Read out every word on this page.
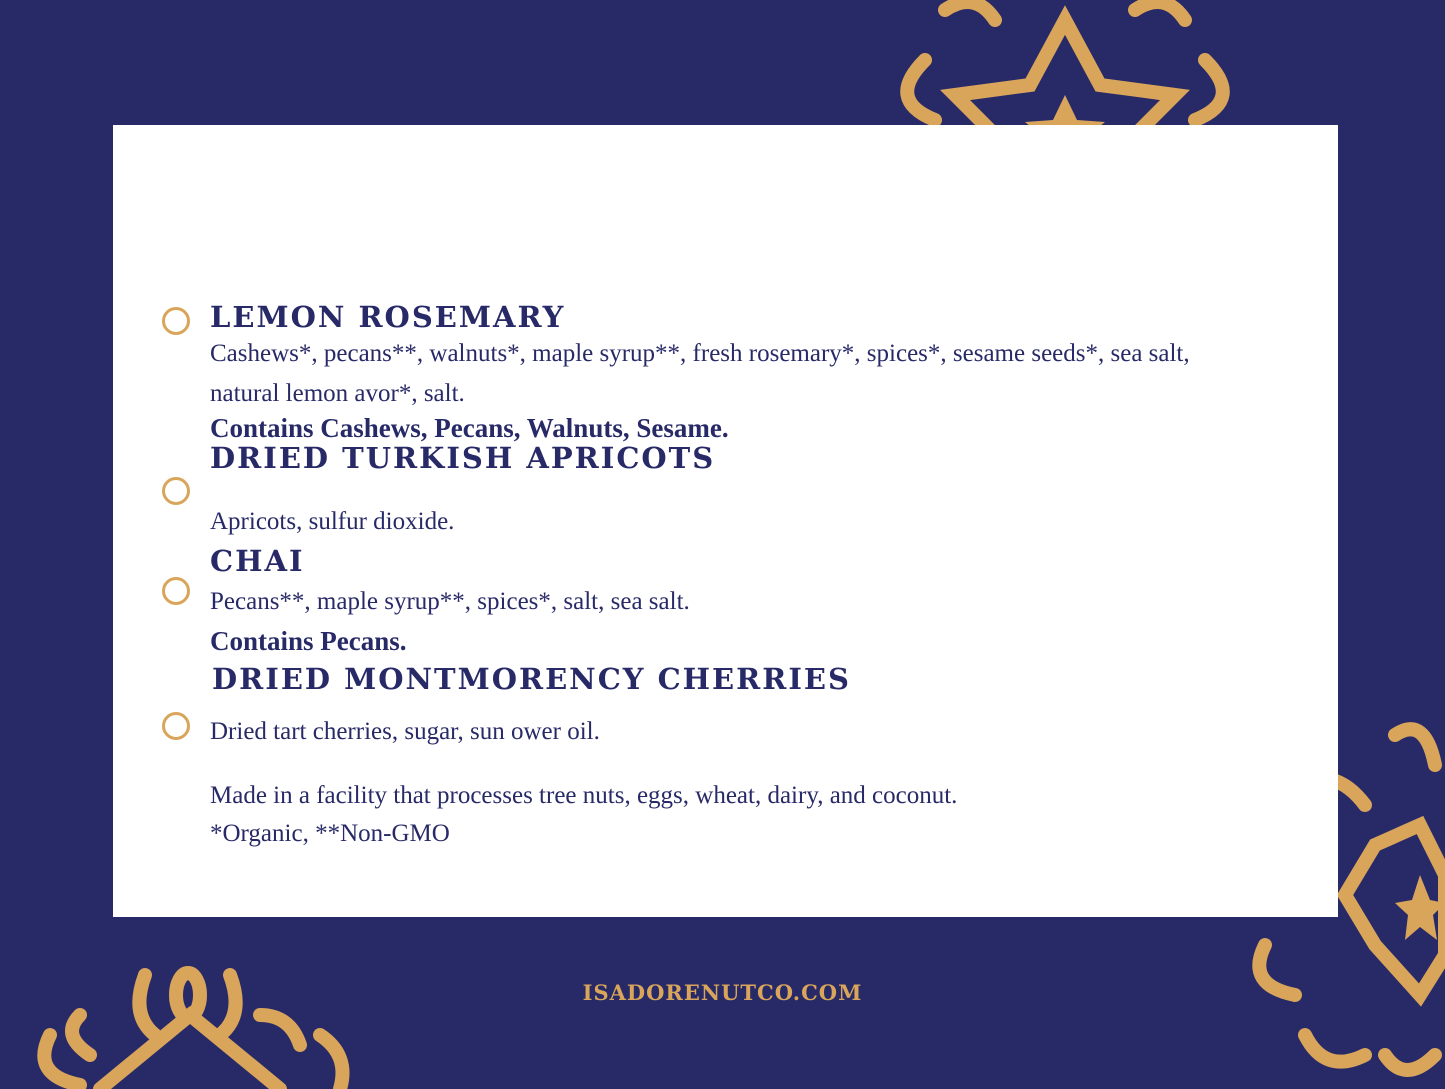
LEMON ROSEMARY
Cashews*, pecans**, walnuts*, maple syrup**, fresh rosemary*, spices*, sesame seeds*, sea salt,
natural lemon avor*, salt.
Contains Cashews, Pecans, Walnuts, Sesame.
DRIED TURKISH APRICOTS
Apricots, sulfur dioxide.
CHAI
Pecans**, maple syrup**, spices*, salt, sea salt.
Contains Pecans.
DRIED MONTMORENCY CHERRIES
Dried tart cherries, sugar, sun ower oil.
Made in a facility that processes tree nuts, eggs, wheat, dairy, and coconut.
*Organic, **Non-GMO
ISADORENUTCO.COM
